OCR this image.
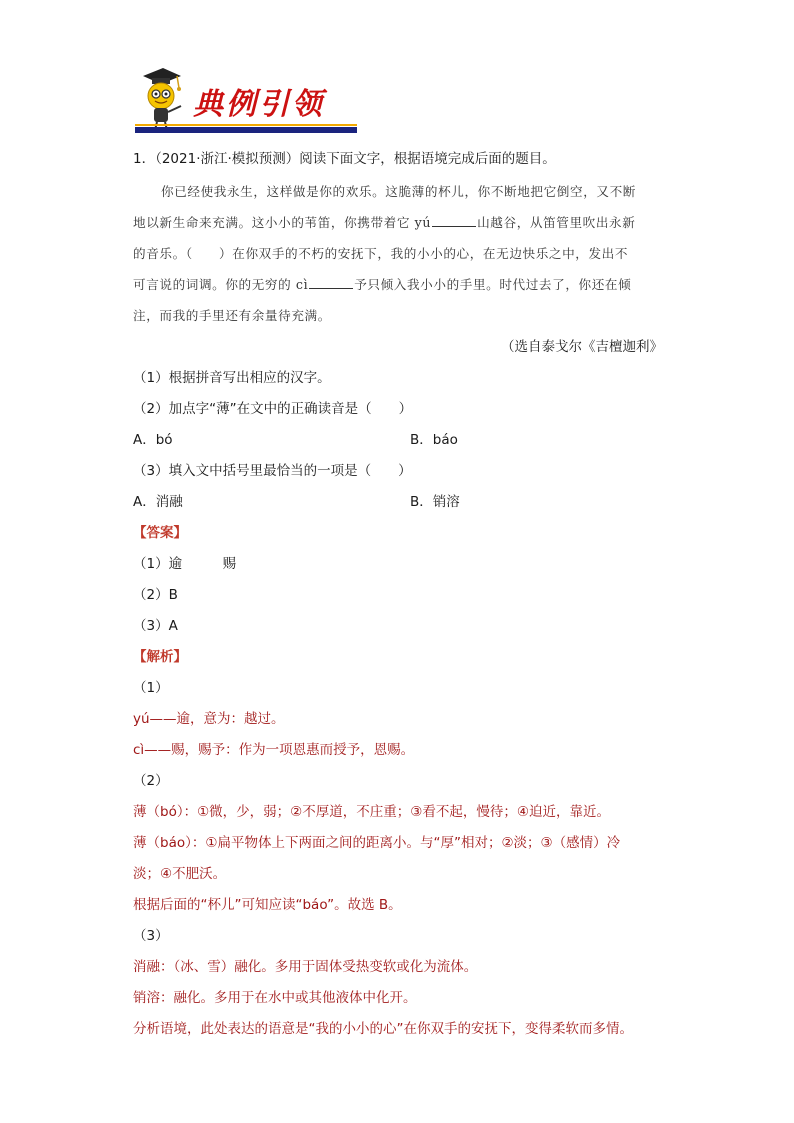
典例引领
1．（2021·浙江·模拟预测）阅读下面文字，根据语境完成后面的题目。
你已经使我永生，这样做是你的欢乐。这脆薄的杯儿，你不断地把它倒空，又不断
地以新生命来充满。这小小的苇笛，你携带着它 yú	山越谷，从笛管里吹出永新
的音乐。（　　）在你双手的不朽的安抚下，我的小小的心，在无边快乐之中，发出不
可言说的词调。你的无穷的 cì	予只倾入我小小的手里。时代过去了，你还在倾
注，而我的手里还有余量待充满。
（选自泰戈尔《吉檀迦利》
（1）根据拼音写出相应的汉字。
（2）加点字“薄”在文中的正确读音是（　　）
A．bó	B．báo
（3）填入文中括号里最恰当的一项是（　　）
A．消融	B．销溶
【答案】
（1）逾　　　赐
（2）B
（3）A
【解析】
（1）
yú——逾，意为：越过。
cì——赐，赐予：作为一项恩惠而授予，恩赐。
（2）
薄（bó）：①微，少，弱；②不厚道，不庄重；③看不起，慢待；④迫近，靠近。
薄（báo）：①扁平物体上下两面之间的距离小。与“厚”相对；②淡；③（感情）冷
淡；④不肥沃。
根据后面的“杯儿”可知应读“báo”。故选 B。
（3）
消融：（冰、雪）融化。多用于固体受热变软或化为流体。
销溶：融化。多用于在水中或其他液体中化开。
分析语境，此处表达的语意是“我的小小的心”在你双手的安抚下，变得柔软而多情。
